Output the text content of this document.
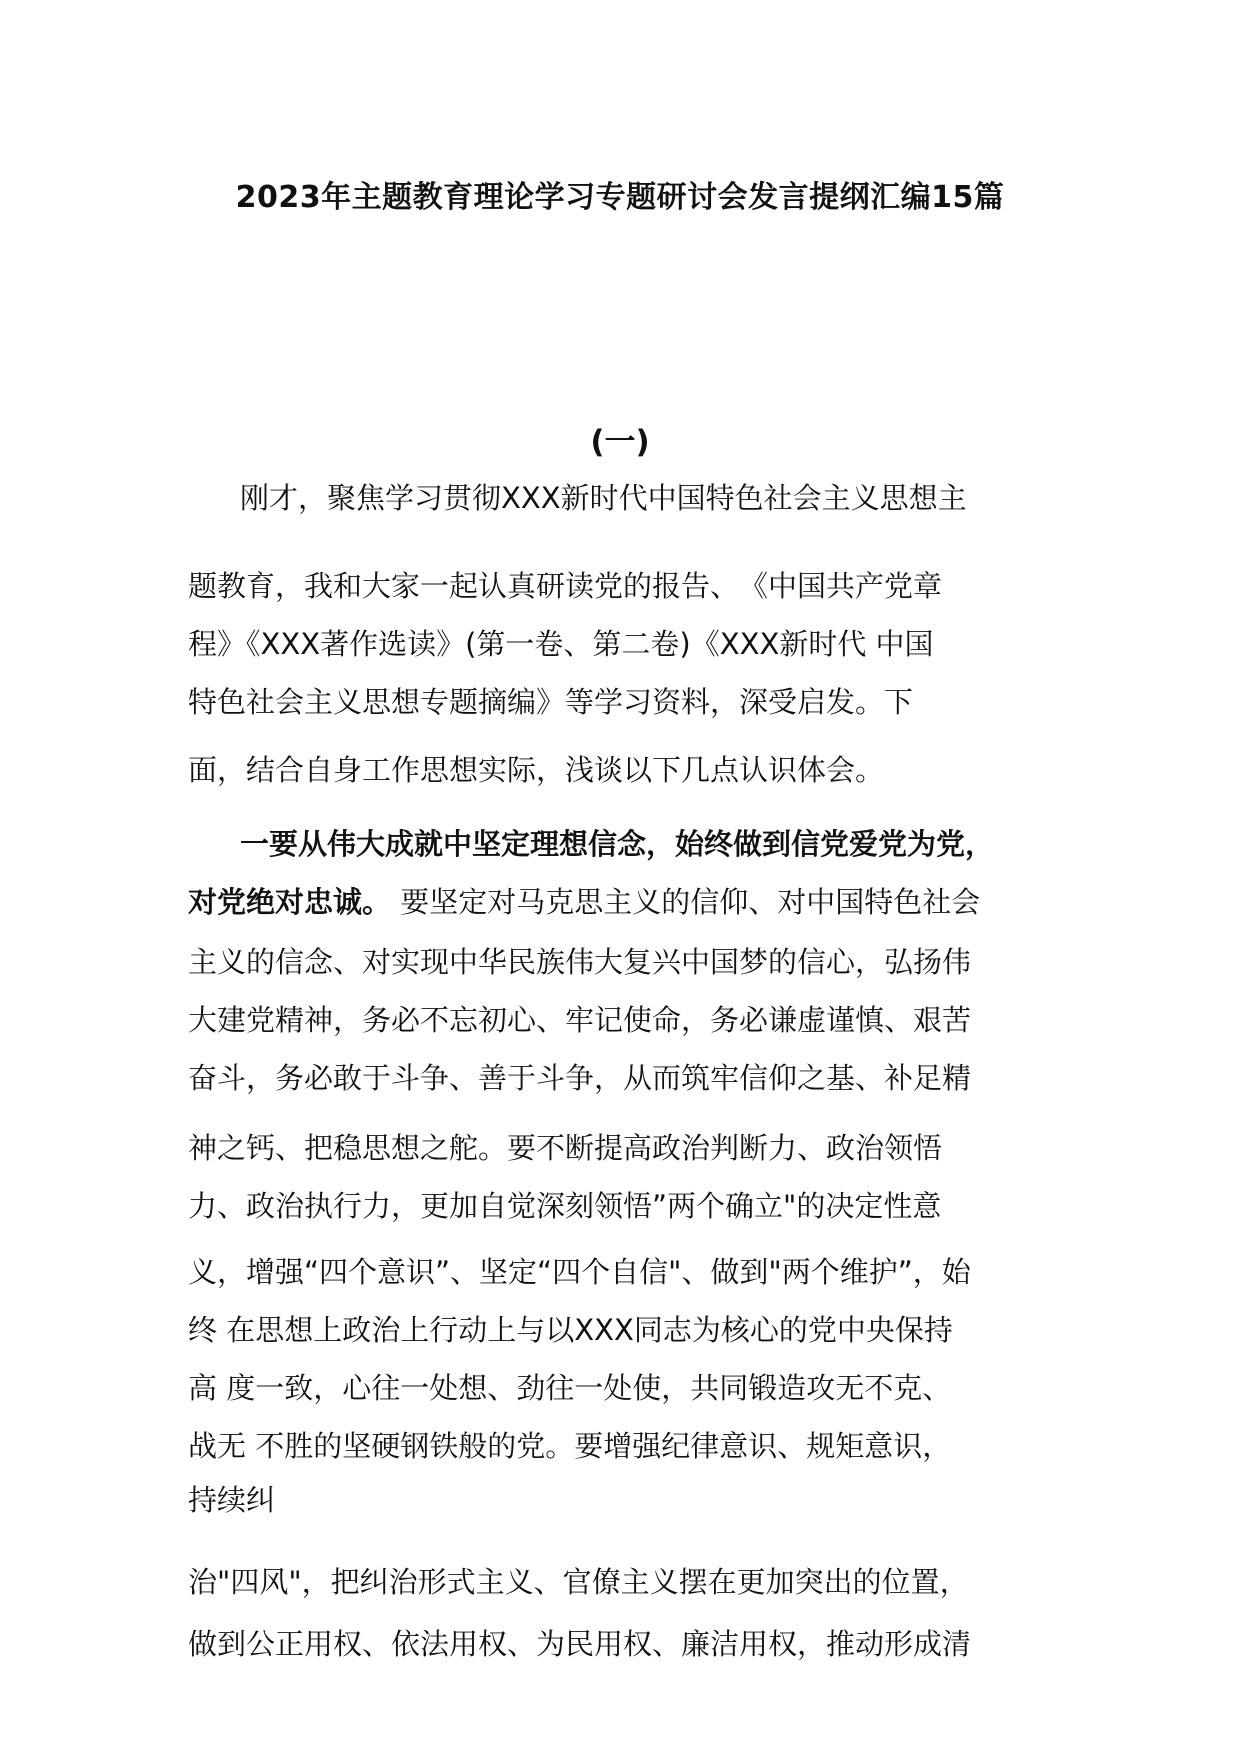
2023年主题教育理论学习专题研讨会发言提纲汇编15篇
(一)
刚才，聚焦学习贯彻XXX新时代中国特色社会主义思想主
题教育，我和大家一起认真研读党的报告、　《中国共产党章
程》《XXX著作选读》(第一卷、第二卷)《XXX新时代 中国
特色社会主义思想专题摘编》等学习资料，深受启发。下
面，结合自身工作思想实际，浅谈以下几点认识体会。
一要从伟大成就中坚定理想信念，始终做到信党爱党为党，
对党绝对忠诚。 要坚定对马克思主义的信仰、对中国特色社会
主义的信念、对实现中华民族伟大复兴中国梦的信心，弘扬伟
大建党精神，务必不忘初心、牢记使命，务必谦虚谨慎、艰苦
奋斗，务必敢于斗争、善于斗争，从而筑牢信仰之基、补足精
神之钙、把稳思想之舵。要不断提高政治判断力、政治领悟
力、政治执行力，更加自觉深刻领悟”两个确立"的决定性意
义，增强“四个意识”、坚定“四个自信"、做到"两个维护”，始
终 在思想上政治上行动上与以XXX同志为核心的党中央保持
高 度一致，心往一处想、劲往一处使，共同锻造攻无不克、
战无 不胜的坚硬钢铁般的党。要增强纪律意识、规矩意识，
持续纠
治"四风"，把纠治形式主义、官僚主义摆在更加突出的位置，
做到公正用权、依法用权、为民用权、廉洁用权，推动形成清
